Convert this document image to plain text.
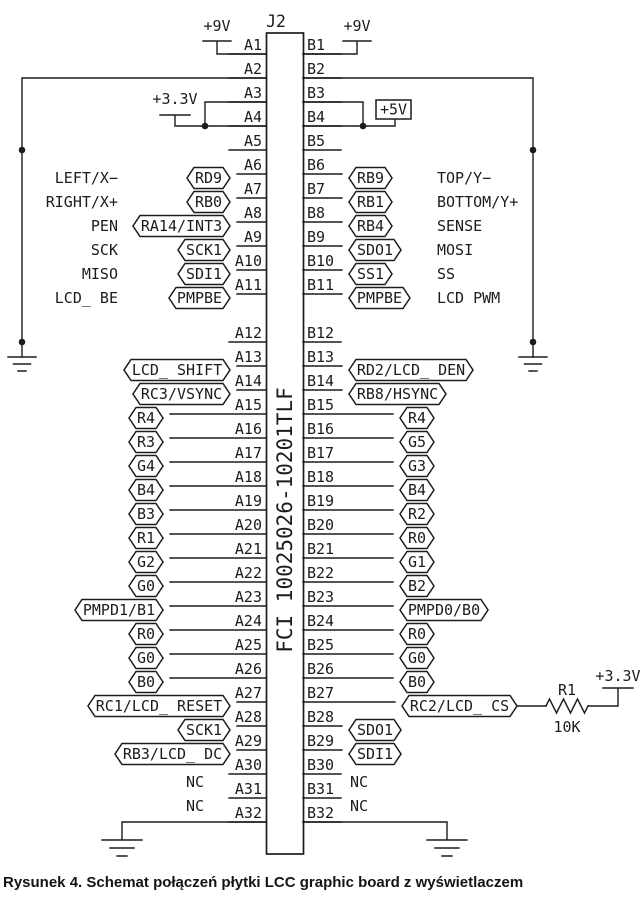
+9V	+9V
+3.3V
+5V
R1
10K
+3.3V
J2
FCI 10025026-10201TLF
A1	B1
A2	B2
A3	B3
A4	B4
A5	B5
A6	B6
RD9	RB9
LEFT/X−	TOP/Y−
A7	B7
RB0	RB1
RIGHT/X+	BOTTOM/Y+
A8	B8
RA14/INT3	RB4
PEN	SENSE
A9	B9
SCK1	SDO1
SCK	MOSI
A10	B10
SDI1	SS1
MISO	SS
A11	B11
PMPBE	PMPBE
LCD_ BE	LCD PWM
A12	B12
A13	B13
LCD_ SHIFT	RD2/LCD_ DEN
A14	B14
RC3/VSYNC	RB8/HSYNC
A15	B15
R4	R4
A16	B16
R3	G5
A17	B17
G4	G3
A18	B18
B4	B4
A19	B19
B3	R2
A20	B20
R1	R0
A21	B21
G2	G1
A22	B22
G0	B2
A23	B23
PMPD1/B1	PMPD0/B0
A24	B24
R0	R0
A25	B25
G0	G0
A26	B26
B0	B0
A27	B27
RC1/LCD_ RESET	RC2/LCD_ CS
A28	B28
SCK1	SDO1
A29	B29
RB3/LCD_ DC	SDI1
A30	B30
NC	NC
A31	B31
NC	NC
A32	B32
Rysunek 4. Schemat połączeń płytki LCC graphic board z wyświetlaczem
